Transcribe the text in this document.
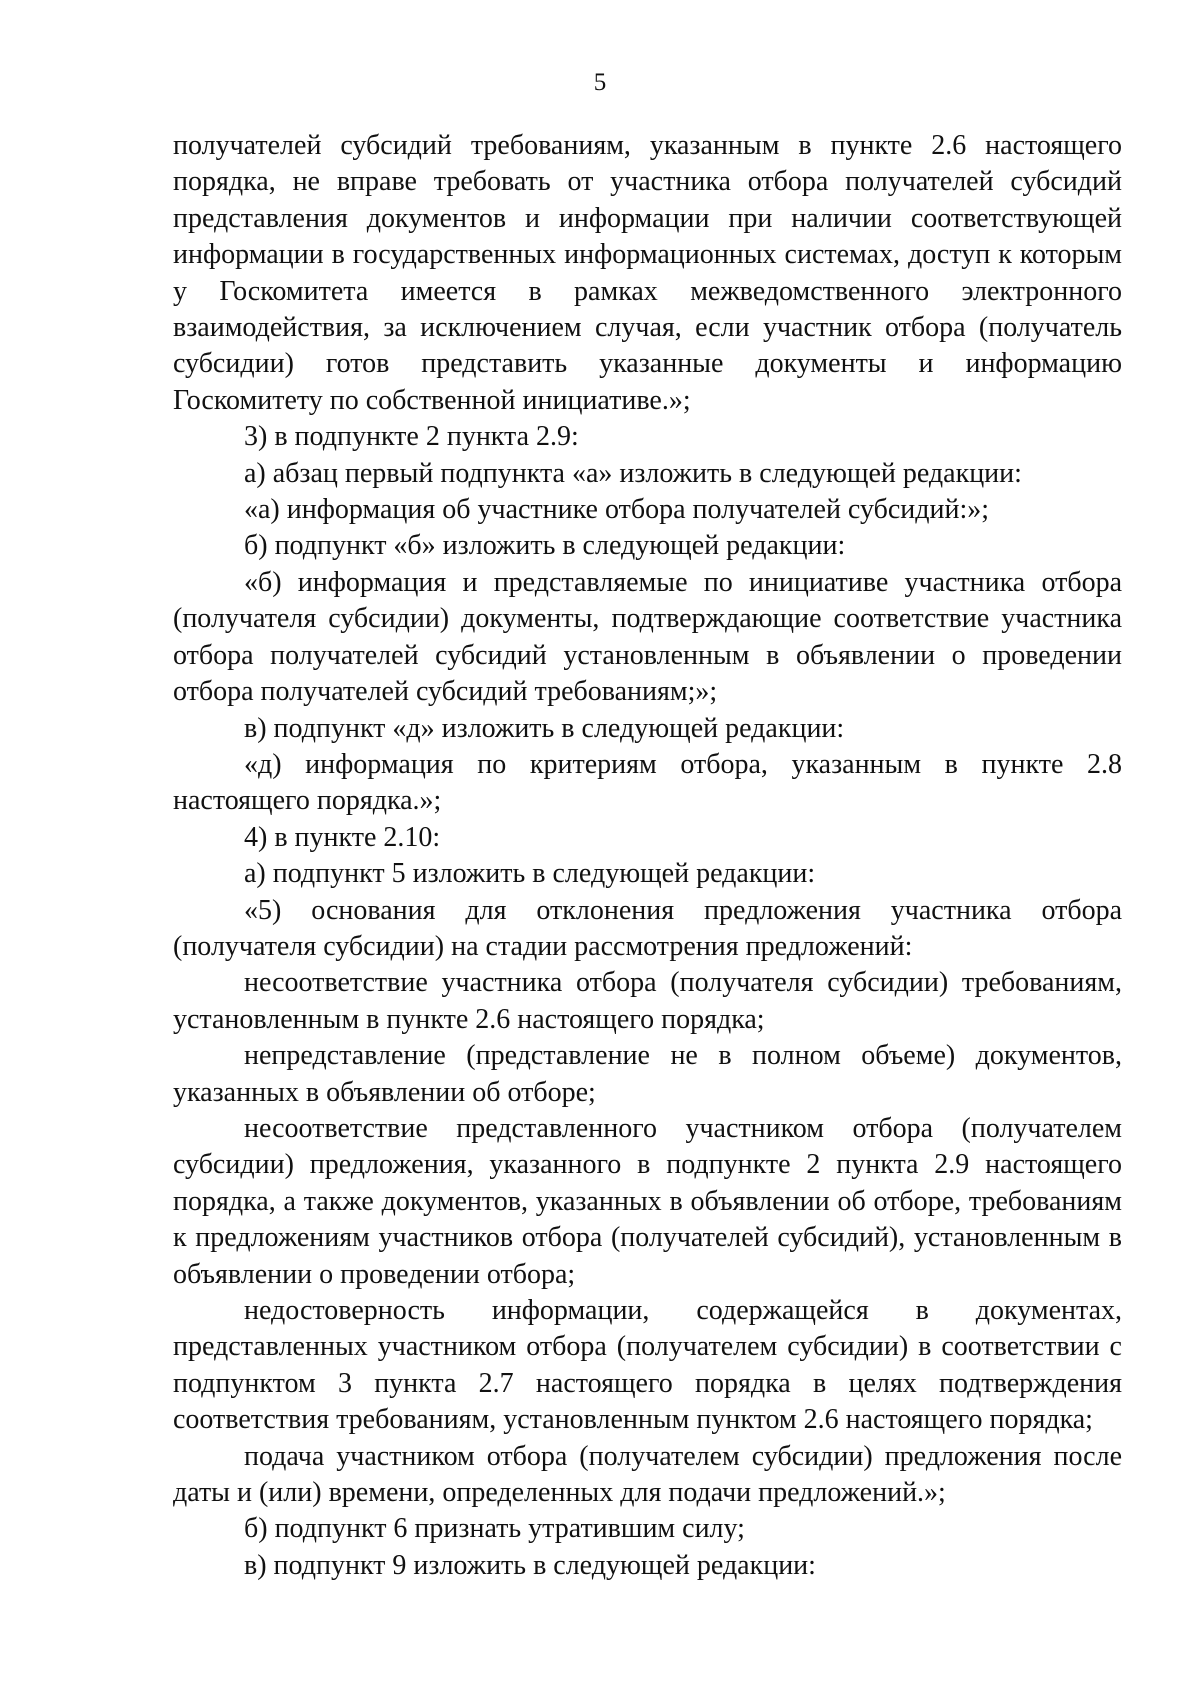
5

получателей субсидий требованиям, указанным в пункте 2.6 настоящего порядка, не вправе требовать от участника отбора получателей субсидий представления документов и информации при наличии соответствующей информации в государственных информационных системах, доступ к которым у Госкомитета имеется в рамках межведомственного электронного взаимодействия, за исключением случая, если участник отбора (получатель субсидии) готов представить указанные документы и информацию Госкомитету по собственной инициативе.»;

3) в подпункте 2 пункта 2.9:

а) абзац первый подпункта «а» изложить в следующей редакции:

«а) информация об участнике отбора получателей субсидий:»;

б) подпункт «б» изложить в следующей редакции:

«б) информация и представляемые по инициативе участника отбора (получателя субсидии) документы, подтверждающие соответствие участника отбора получателей субсидий установленным в объявлении о проведении отбора получателей субсидий требованиям;»;

в) подпункт «д» изложить в следующей редакции:

«д) информация по критериям отбора, указанным в пункте 2.8 настоящего порядка.»;

4) в пункте 2.10:

а) подпункт 5 изложить в следующей редакции:

«5) основания для отклонения предложения участника отбора (получателя субсидии) на стадии рассмотрения предложений:

несоответствие участника отбора (получателя субсидии) требованиям, установленным в пункте 2.6 настоящего порядка;

непредставление (представление не в полном объеме) документов, указанных в объявлении об отборе;

несоответствие представленного участником отбора (получателем субсидии) предложения, указанного в подпункте 2 пункта 2.9 настоящего порядка, а также документов, указанных в объявлении об отборе, требованиям к предложениям участников отбора (получателей субсидий), установленным в объявлении о проведении отбора;

недостоверность информации, содержащейся в документах, представленных участником отбора (получателем субсидии) в соответствии с подпунктом 3 пункта 2.7 настоящего порядка в целях подтверждения соответствия требованиям, установленным пунктом 2.6 настоящего порядка;

подача участником отбора (получателем субсидии) предложения после даты и (или) времени, определенных для подачи предложений.»;

б) подпункт 6 признать утратившим силу;

в) подпункт 9 изложить в следующей редакции:
